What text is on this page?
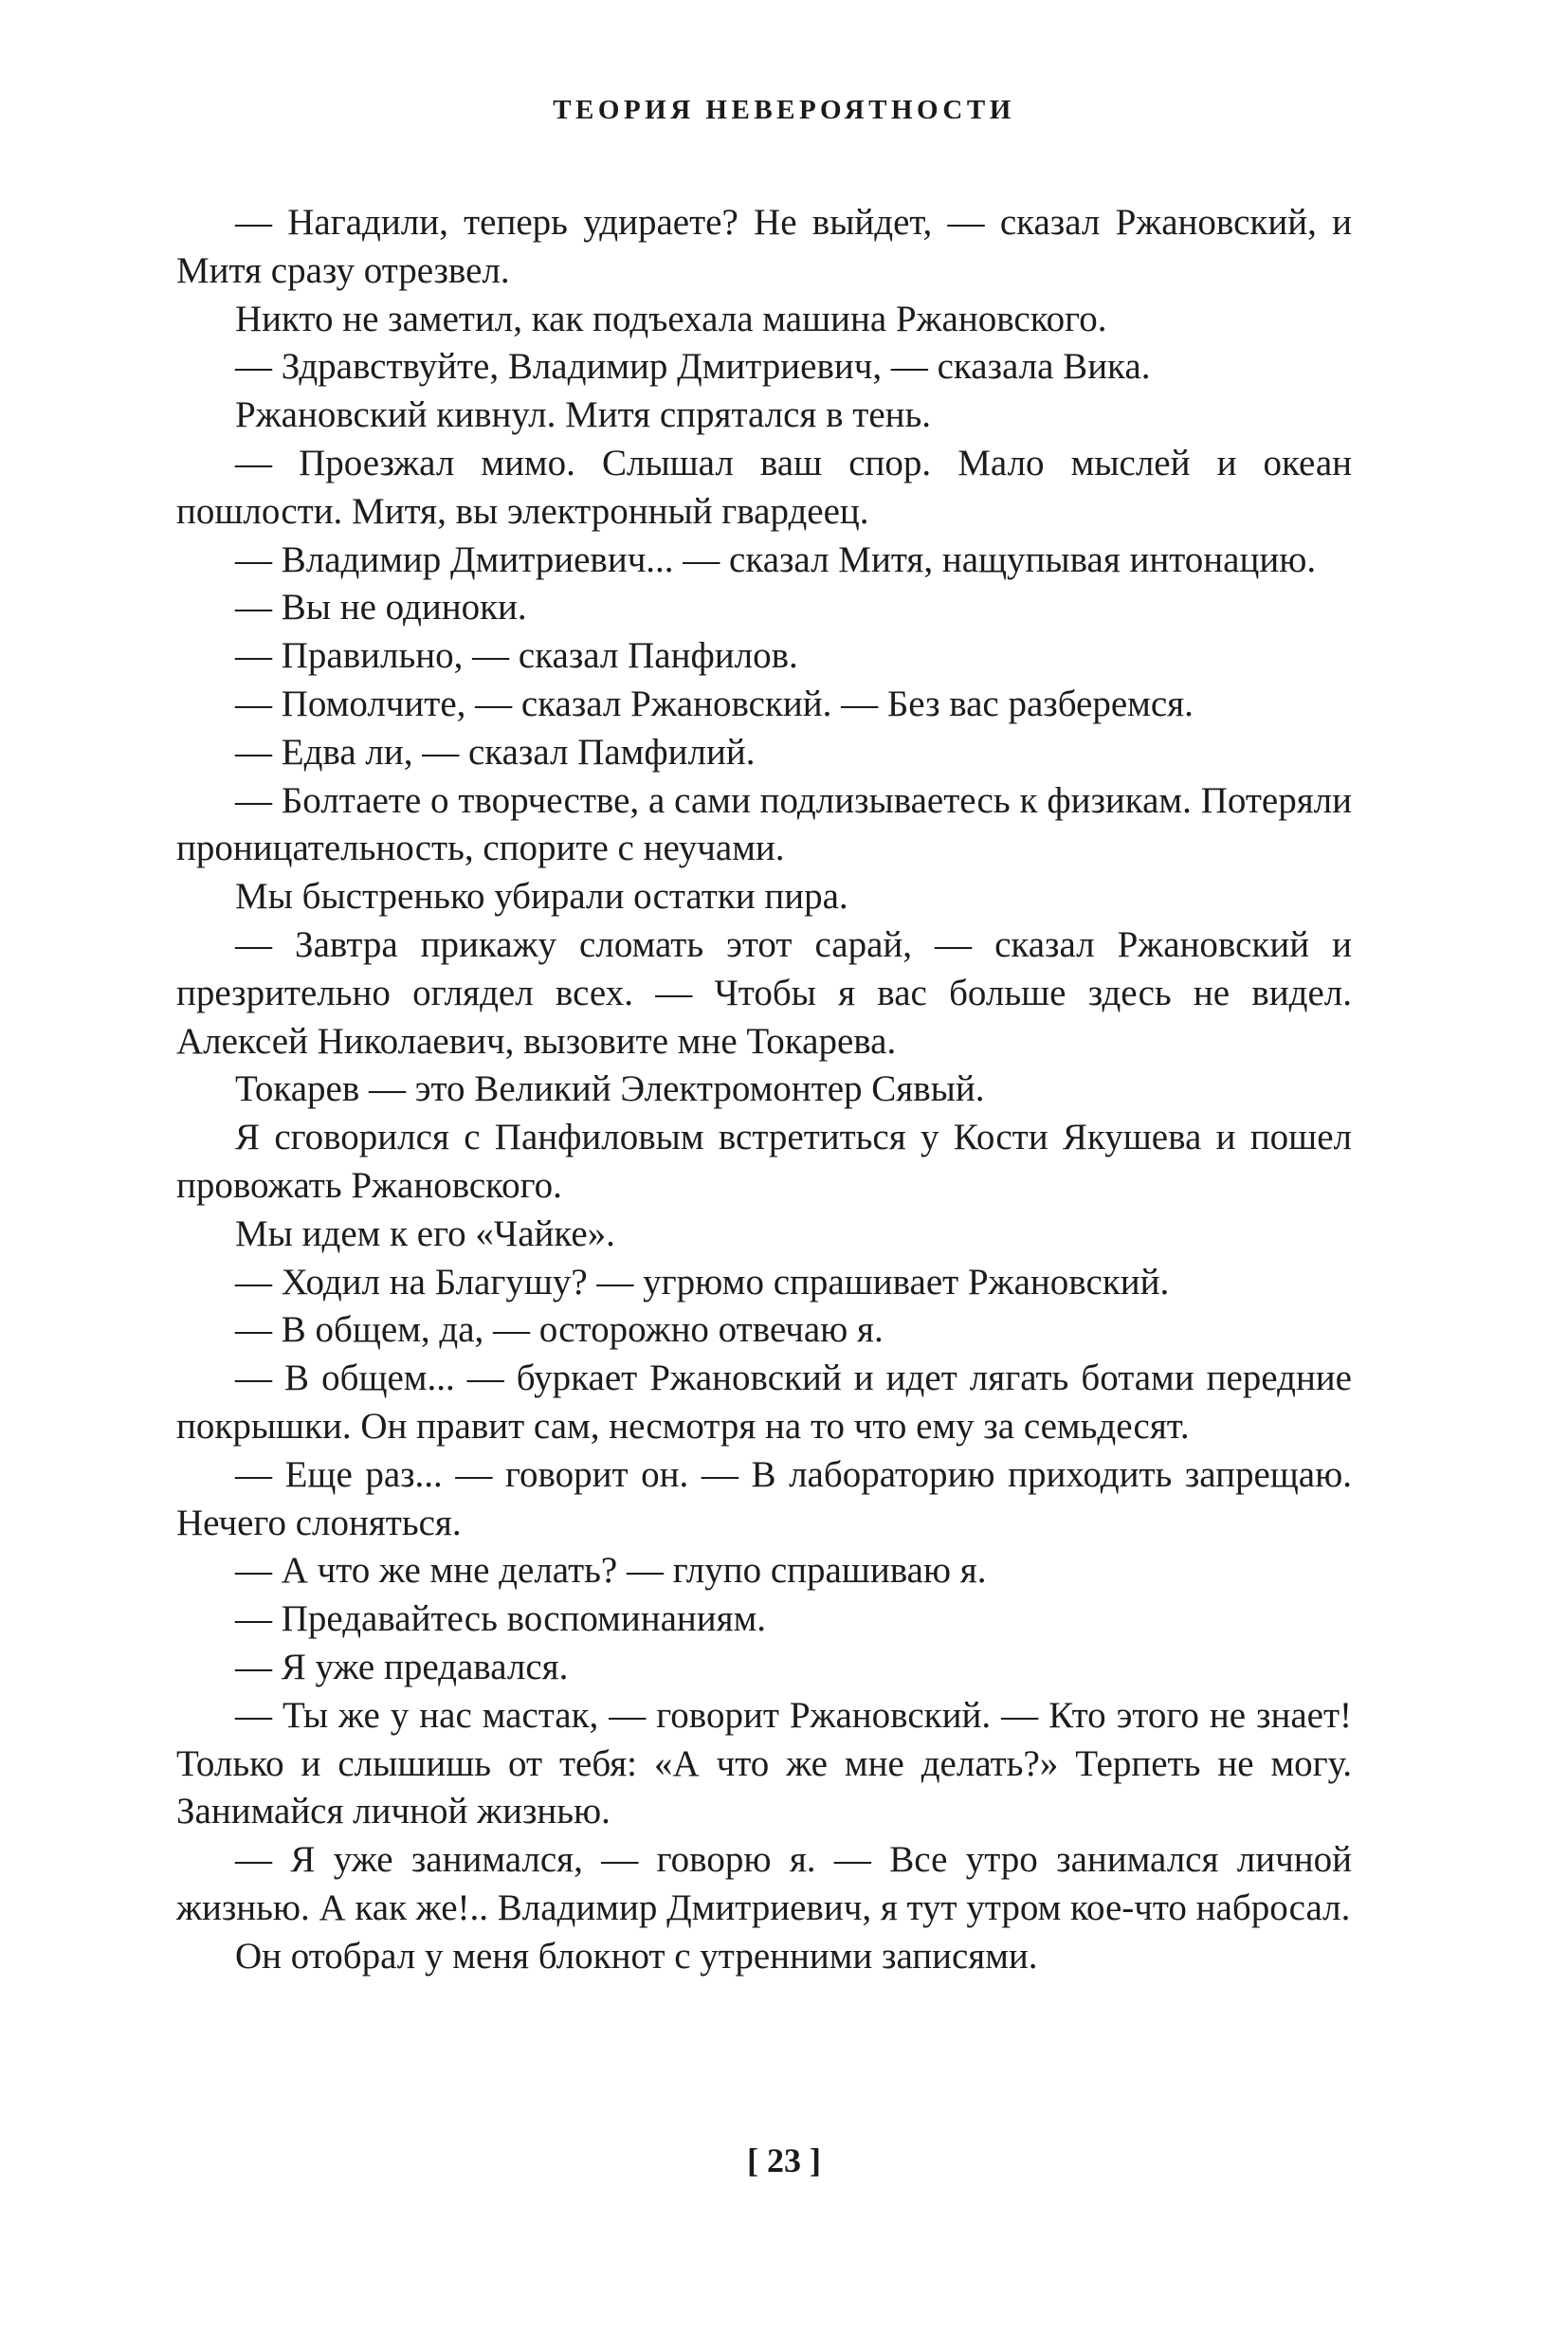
ТЕОРИЯ НЕВЕРОЯТНОСТИ

— Нагадили, теперь удираете? Не выйдет, — сказал Ржановский, и Митя сразу отрезвел.

Никто не заметил, как подъехала машина Ржановского.

— Здравствуйте, Владимир Дмитриевич, — сказала Вика.

Ржановский кивнул. Митя спрятался в тень.

— Проезжал мимо. Слышал ваш спор. Мало мыслей и океан пошлости. Митя, вы электронный гвардеец.

— Владимир Дмитриевич... — сказал Митя, нащупывая интонацию.

— Вы не одиноки.

— Правильно, — сказал Панфилов.

— Помолчите, — сказал Ржановский. — Без вас разберемся.

— Едва ли, — сказал Памфилий.

— Болтаете о творчестве, а сами подлизываетесь к физикам. Потеряли проницательность, спорите с неучами.

Мы быстренько убирали остатки пира.

— Завтра прикажу сломать этот сарай, — сказал Ржановский и презрительно оглядел всех. — Чтобы я вас больше здесь не видел. Алексей Николаевич, вызовите мне Токарева.

Токарев — это Великий Электромонтер Сявый.

Я сговорился с Панфиловым встретиться у Кости Якушева и пошел провожать Ржановского.

Мы идем к его «Чайке».

— Ходил на Благушу? — угрюмо спрашивает Ржановский.

— В общем, да, — осторожно отвечаю я.

— В общем... — буркает Ржановский и идет лягать ботами передние покрышки. Он правит сам, несмотря на то что ему за семьдесят.

— Еще раз... — говорит он. — В лабораторию приходить запрещаю. Нечего слоняться.

— А что же мне делать? — глупо спрашиваю я.

— Предавайтесь воспоминаниям.

— Я уже предавался.

— Ты же у нас мастак, — говорит Ржановский. — Кто этого не знает! Только и слышишь от тебя: «А что же мне делать?» Терпеть не могу. Занимайся личной жизнью.

— Я уже занимался, — говорю я. — Все утро занимался личной жизнью. А как же!.. Владимир Дмитриевич, я тут утром кое-что набросал.

Он отобрал у меня блокнот с утренними записями.

[ 23 ]
